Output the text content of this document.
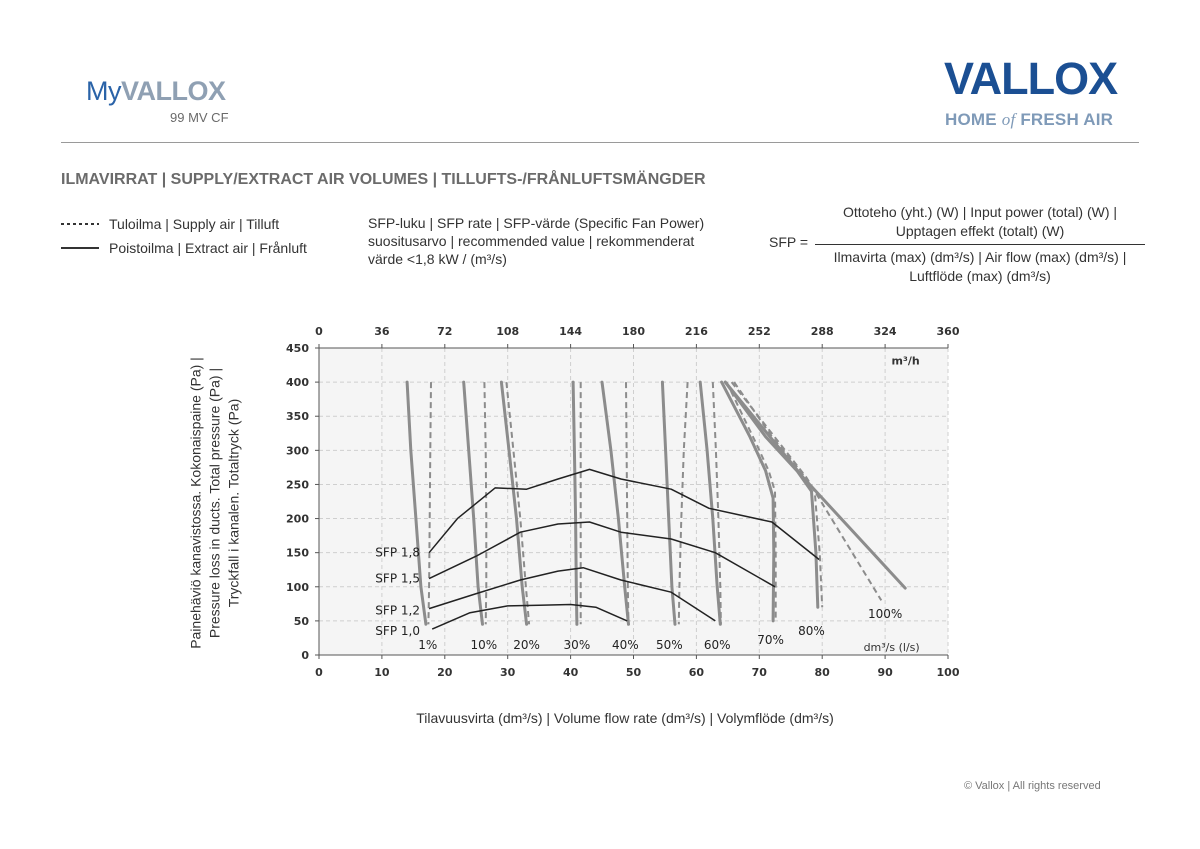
MyVALLOX
99 MV CF
VALLOX
HOME of FRESH AIR
ILMAVIRRAT | SUPPLY/EXTRACT AIR VOLUMES | TILLUFTS-/FRÅNLUFTSMÄNGDER
Tuloilma | Supply air | Tilluft
Poistoilma | Extract air | Frånluft
SFP-luku | SFP rate | SFP-värde (Specific Fan Power)
suositusarvo | recommended value | rekommenderat
värde <1,8 kW / (m³/s)
SFP =
Ottoteho (yht.) (W) | Input power (total) (W) |
Upptagen effekt (totalt) (W)
Ilmavirta (max) (dm³/s) | Air flow (max) (dm³/s) |
Luftflöde (max) (dm³/s)
0
50
100
150
200
250
300
350
400
450
0	10	20	30	40	50	60	70	80	90	100
0	36	72	108	144	180	216	252	288	324	360
m³/h
dm³/s (l/s)
1%	10% 20% 30% 40% 50% 60% 70%
80%
100%
SFP 1,8
SFP 1,5
SFP 1,2
SFP 1,0
Painehäviö kanavistossa. Kokonaispaine (Pa) | Pressure loss in ducts. Total pressure (Pa) | Tryckfall i kanalen. Totaltryck (Pa)
Tilavuusvirta (dm³/s) | Volume flow rate (dm³/s) | Volymflöde (dm³/s)
© Vallox | All rights reserved
